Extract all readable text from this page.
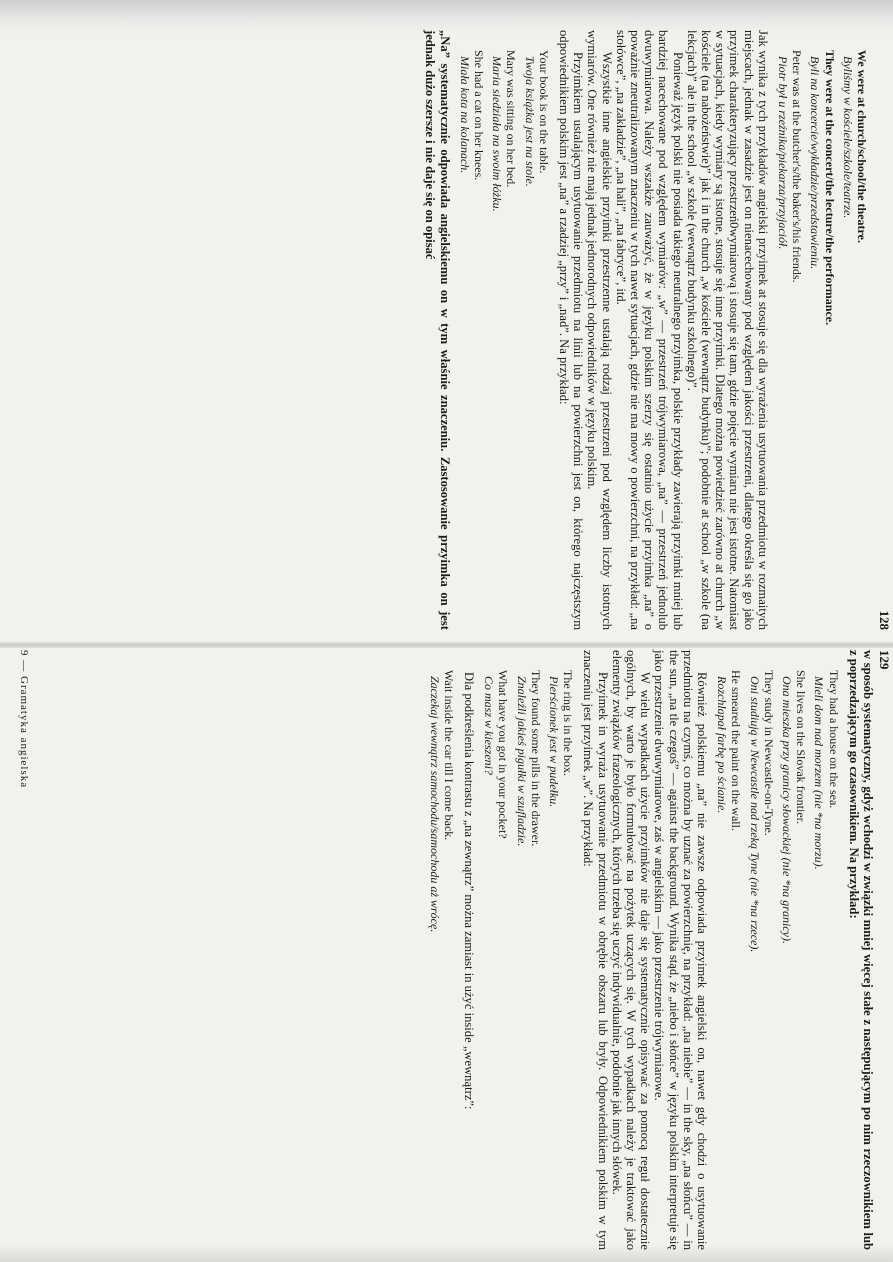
128
We were at church/school/the theatre.
Byliśmy w kościele/szkole/teatrze.
They were at the concert/the lecture/the performance.
Byli na koncercie/wykładzie/przedstawieniu.
Peter was at the butcher's/the baker's/his friends.
Piotr był u rzeźnika/piekarza/przyjaciół.

Jak wynika z tych przykładów angielski przyimek at stosuje się dla wyrażenia usytuowania przedmiotu w rozmaitych miejscach, jednak w zasadzie jest on nienacechowany pod względem jakości przestrzeni, dlatego określa się go jako przyimek charakteryzujący przestrzeń0wymiarową i stosuje się tam, gdzie pojęcie wymiaru nie jest istotne. Natomiast w sytuacjach, kiedy wymiary są istotne, stosuje się inne przyimki. Dlatego można powiedzieć zarówno at church „w kościele (na nabożeństwie)” jak i in the church „w kościele (wewnątrz budynku)”; podobnie at school „w szkole (na lekcjach)” ale in the school „w szkole (wewnątrz budynku szkolnego)”.

Ponieważ język polski nie posiada takiego neutralnego przyimka, polskie przykłady zawierają przyimki mniej lub bardziej nacechowane pod względem wymiarów: „w” — przestrzeń trójwymiarowa, „na” — przestrzeń jednolub dwuwymiarowa. Należy wszakże zauważyć, że w języku polskim szerzy się ostatnio użycie przyimka „na” o poważnie zneutralizowanym znaczeniu w tych nawet sytuacjach, gdzie nie ma mowy o powierzchni, na przykład: „na stołówce”, „na zakładzie”, „na hali”, „na fabryce”, itd.

Wszystkie inne angielskie przyimki przestrzenne ustalają rodzaj przestrzeni pod względem liczby istotnych wymiarów. One również nie mają jednak jednorodnych odpowiedników w języku polskim.

Przyimkiem ustalającym usytuowanie przedmiotu na linii lub na powierzchni jest on, którego najczęstszym odpowiednikiem polskim jest „na” a rzadziej „przy” i „nad”. Na przykład:

Your book is on the table.
Twoja książka jest na stole.
Mary was sitting on her bed.
Maria siedziała na swoim łóżku.
She had a cat on her knees.
Miała kota na kolanach.

„Na” systematycznie odpowiada angielskiemu on w tym właśnie znaczeniu. Zastosowanie przyimka on jest jednak dużo szersze i nie daje się on opisać

129

w sposób systematyczny, gdyż wchodzi w związki mniej więcej stałe z następującym po nim rzeczownikiem lub z poprzedzającym go czasownikiem. Na przykład:

They had a house on the sea.
Mieli dom nad morzem (nie *na morzu).
She lives on the Slovak frontier.
Ona mieszka przy granicy słowackiej (nie *na granicy).
They study in Newcastle-on-Tyne.
Oni studiują w Newcastle nad rzeką Tyne (nie *na rzece).
He smeared the paint on the wall.
Rozchlapał farbę po ścianie.

Również polskiemu „na” nie zawsze odpowiada przyimek angielski on, nawet gdy chodzi o usytuowanie przedmiotu na czymś, co można by uznać za powierzchnię, na przykład: „na niebie” — in the sky, „na słońcu” — in the sun, „na tle czegoś” — against the background. Wynika stąd, że „niebo i słońce” w języku polskim interpretuje się jako przestrzenie dwuwymiarowe, zaś w angielskim — jako przestrzenie trójwymiarowe.

W wielu wypadkach użycie przyimków nie daje się systematycznie opisywać za pomocą reguł dostatecznie ogólnych, by warto je było formułować na pożytek uczących się. W tych wypadkach należy je traktować jako elementy związków frazeologicznych, których trzeba się uczyć indywidualnie, podobnie jak innych słówek.

Przyimek in wyraża usytuowanie przedmiotu w obrębie obszaru lub bryły. Odpowiednikiem polskim w tym znaczeniu jest przyimek „w”. Na przykład:

The ring is in the box.
Pierścionek jest w pudełku.
They found some pills in the drawer.
Znaleźli jakieś pigułki w szufladzie.
What have you got in your pocket?
Co masz w kieszeni?

Dla podkreślenia kontrastu z „na zewnątrz” można zamiast in użyć inside „wewnątrz”:

Wait inside the car till I come back.
Zaczekaj wewnątrz samochodu/samochodu aż wrócę.
9 — Gramatyka angielska
